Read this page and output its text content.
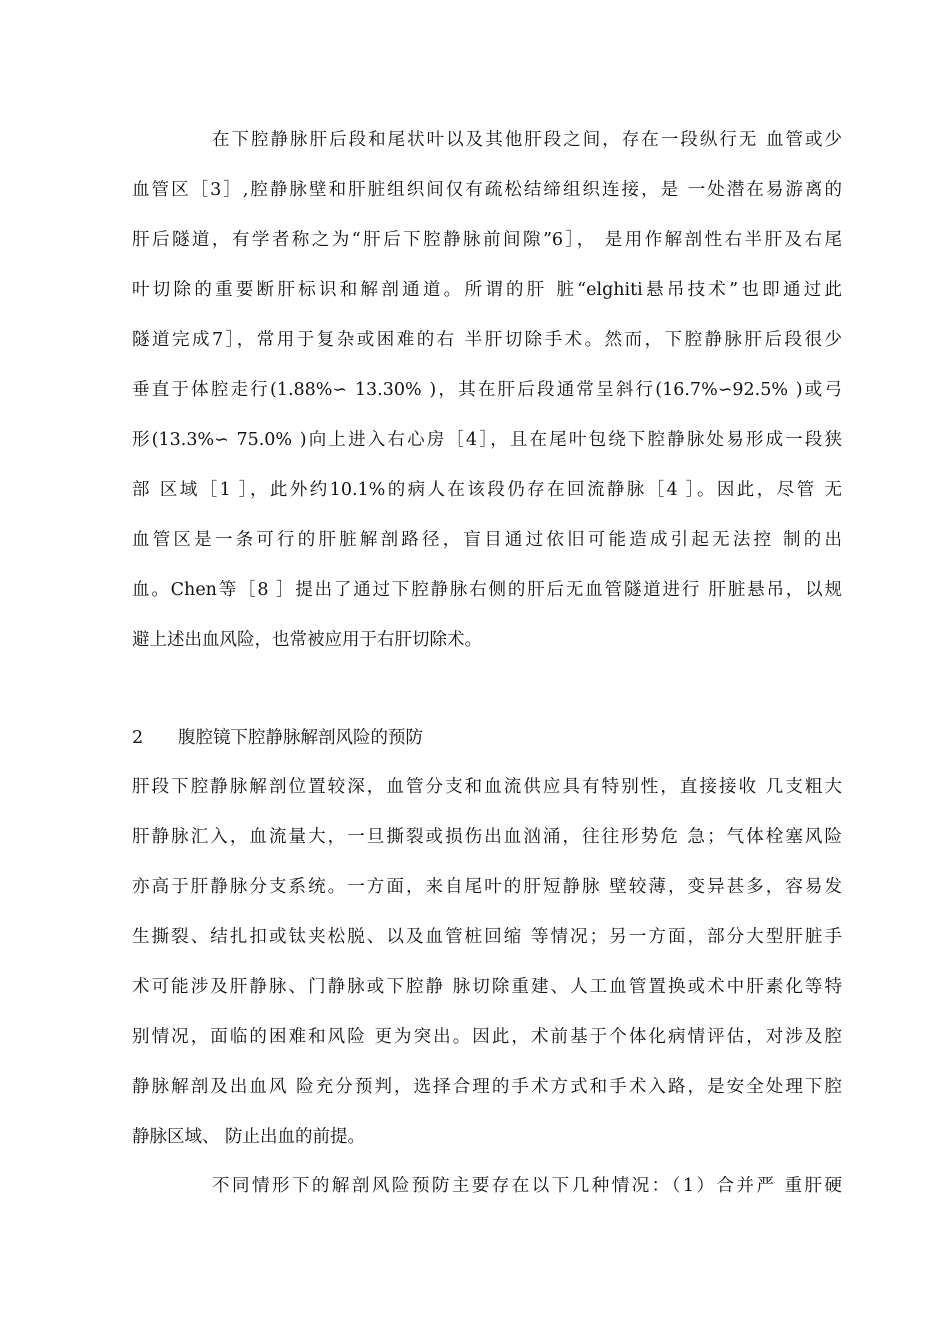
在下腔静脉肝后段和尾状叶以及其他肝段之间，存在一段纵行无 血管或少
血管区［3］,腔静脉壁和肝脏组织间仅有疏松结缔组织连接，是 一处潜在易游离的
肝后隧道，有学者称之为“肝后下腔静脉前间隙”6］， 是用作解剖性右半肝及右尾
叶切除的重要断肝标识和解剖通道。所谓的肝 脏“elghiti悬吊技术”也即通过此
隧道完成7］，常用于复杂或困难的右 半肝切除手术。然而，下腔静脉肝后段很少
垂直于体腔走行(1.88%∽ 13.30% )，其在肝后段通常呈斜行(16.7%∽92.5% )或弓
形(13.3%∽ 75.0% )向上进入右心房［4］，且在尾叶包绕下腔静脉处易形成一段狭
部 区域［1 ］，此外约10.1%的病人在该段仍存在回流静脉［4 ］。因此，尽管 无
血管区是一条可行的肝脏解剖路径，盲目通过依旧可能造成引起无法控 制的出
血。Chen等［8 ］提出了通过下腔静脉右侧的肝后无血管隧道进行 肝脏悬吊，以规
避上述出血风险，也常被应用于右肝切除术。
2 腹腔镜下腔静脉解剖风险的预防
肝段下腔静脉解剖位置较深，血管分支和血流供应具有特别性，直接接收 几支粗大
肝静脉汇入，血流量大，一旦撕裂或损伤出血汹涌，往往形势危 急；气体栓塞风险
亦高于肝静脉分支系统。一方面，来自尾叶的肝短静脉 壁较薄，变异甚多，容易发
生撕裂、结扎扣或钛夹松脱、以及血管桩回缩 等情况；另一方面，部分大型肝脏手
术可能涉及肝静脉、门静脉或下腔静 脉切除重建、人工血管置换或术中肝素化等特
别情况，面临的困难和风险 更为突出。因此，术前基于个体化病情评估，对涉及腔
静脉解剖及出血风 险充分预判，选择合理的手术方式和手术入路，是安全处理下腔
静脉区域、 防止出血的前提。
不同情形下的解剖风险预防主要存在以下几种情况：（1）合并严 重肝硬
